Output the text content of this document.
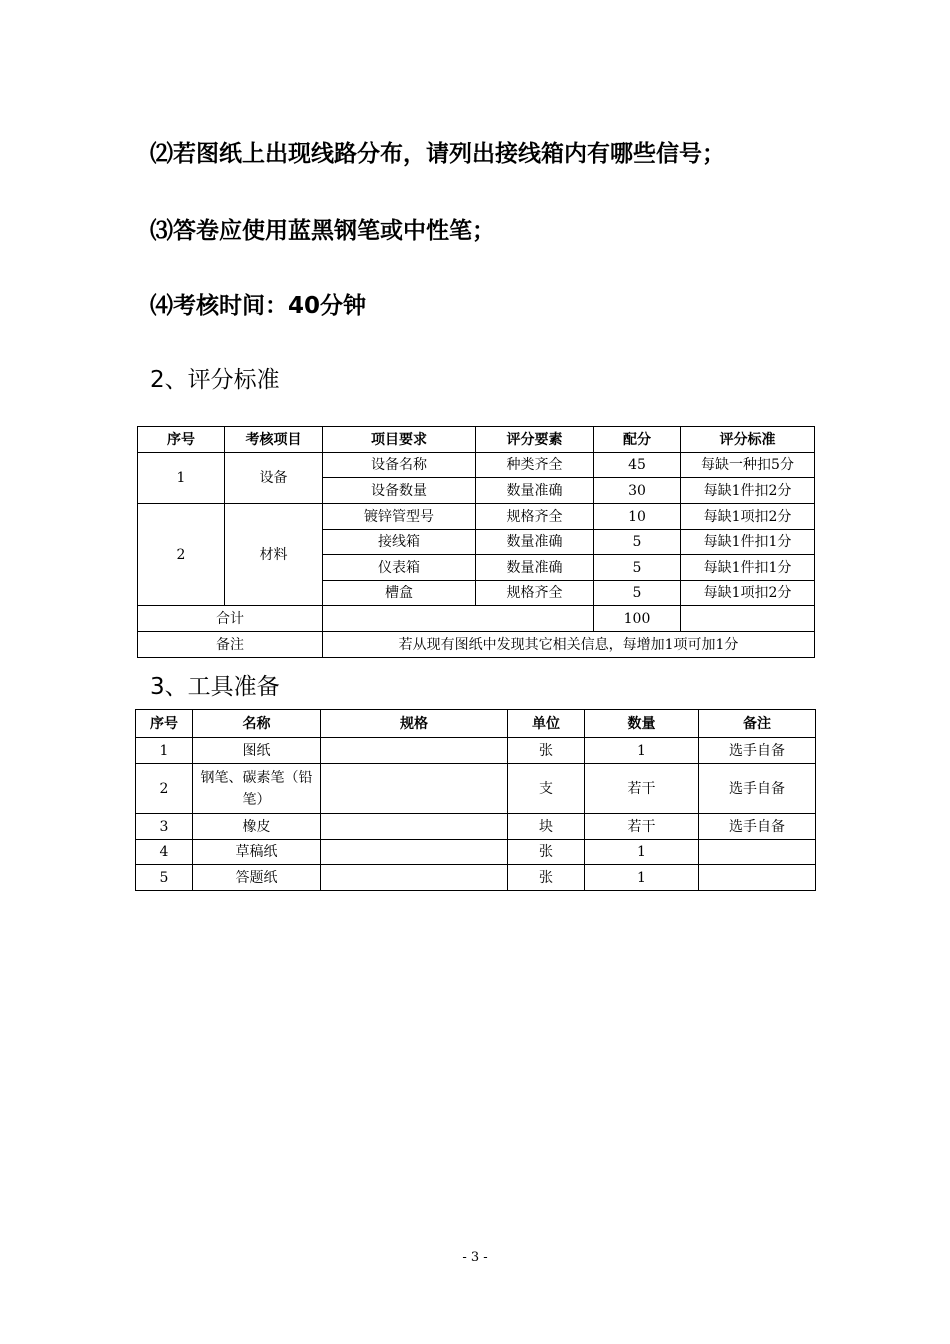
⑵若图纸上出现线路分布，请列出接线箱内有哪些信号；
⑶答卷应使用蓝黑钢笔或中性笔；
⑷考核时间：40分钟
2、评分标准
序号	考核项目	项目要求	评分要素	配分	评分标准
1	设备	设备名称	种类齐全	45	每缺一种扣5分
		设备数量	数量准确	30	每缺1件扣2分
2	材料	镀锌管型号	规格齐全	10	每缺1项扣2分
		接线箱	数量准确	5	每缺1件扣1分
		仪表箱	数量准确	5	每缺1件扣1分
		槽盒	规格齐全	5	每缺1项扣2分
合计				100	
备注		若从现有图纸中发现其它相关信息，每增加1项可加1分			
3、工具准备
序号	名称	规格	单位	数量	备注
1	图纸		张	1	选手自备
2	钢笔、碳素笔（铅笔）		支	若干	选手自备
3	橡皮		块	若干	选手自备
4	草稿纸		张	1	
5	答题纸		张	1	
- 3 -
